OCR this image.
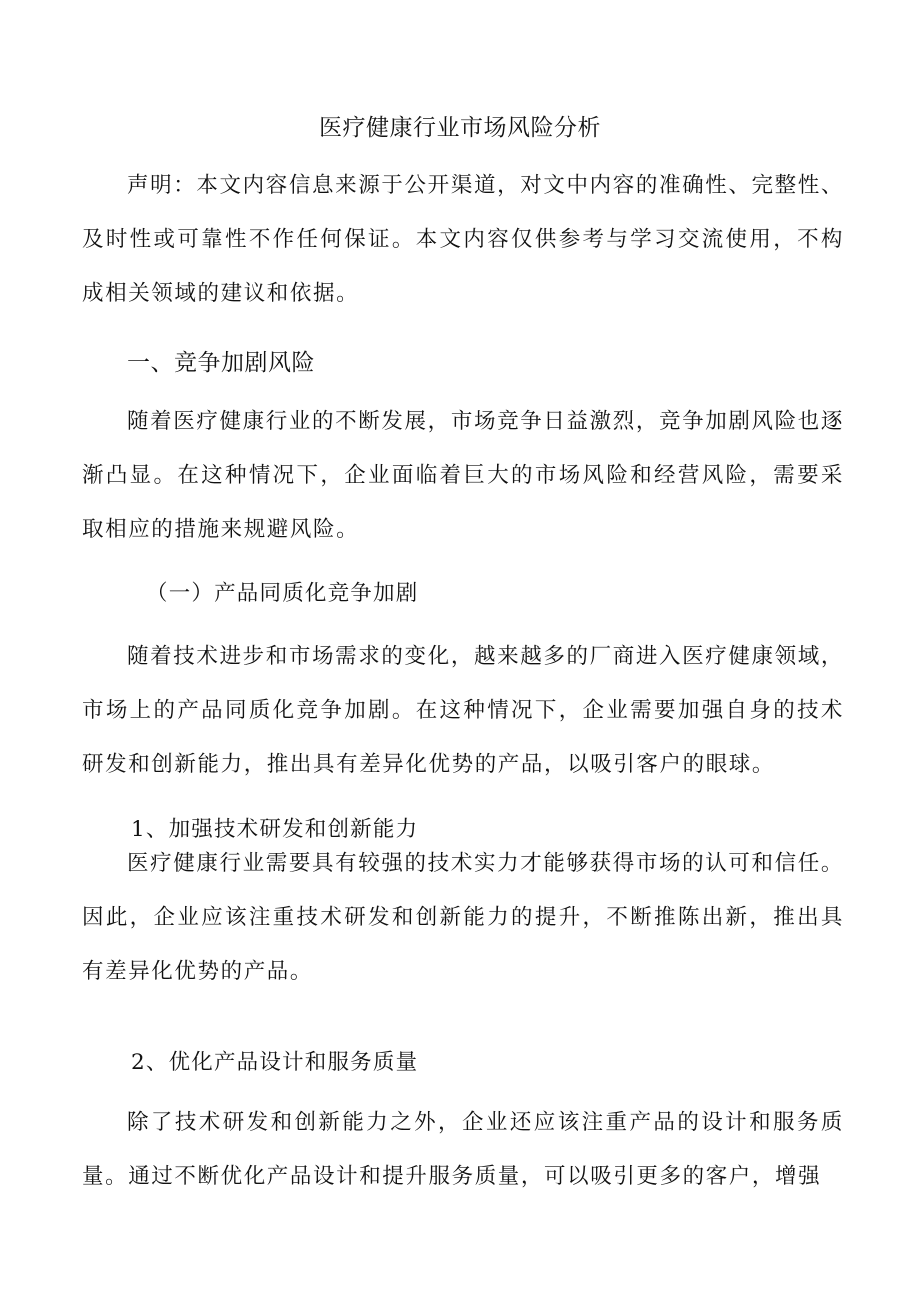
医疗健康行业市场风险分析

声明：本文内容信息来源于公开渠道，对文中内容的准确性、完整性、及时性或可靠性不作任何保证。本文内容仅供参考与学习交流使用，不构成相关领域的建议和依据。

一、竞争加剧风险

随着医疗健康行业的不断发展，市场竞争日益激烈，竞争加剧风险也逐渐凸显。在这种情况下，企业面临着巨大的市场风险和经营风险，需要采取相应的措施来规避风险。

（一）产品同质化竞争加剧

随着技术进步和市场需求的变化，越来越多的厂商进入医疗健康领域，市场上的产品同质化竞争加剧。在这种情况下，企业需要加强自身的技术研发和创新能力，推出具有差异化优势的产品，以吸引客户的眼球。

1、加强技术研发和创新能力

医疗健康行业需要具有较强的技术实力才能够获得市场的认可和信任。因此，企业应该注重技术研发和创新能力的提升，不断推陈出新，推出具有差异化优势的产品。

2、优化产品设计和服务质量

除了技术研发和创新能力之外，企业还应该注重产品的设计和服务质量。通过不断优化产品设计和提升服务质量，可以吸引更多的客户，增强
